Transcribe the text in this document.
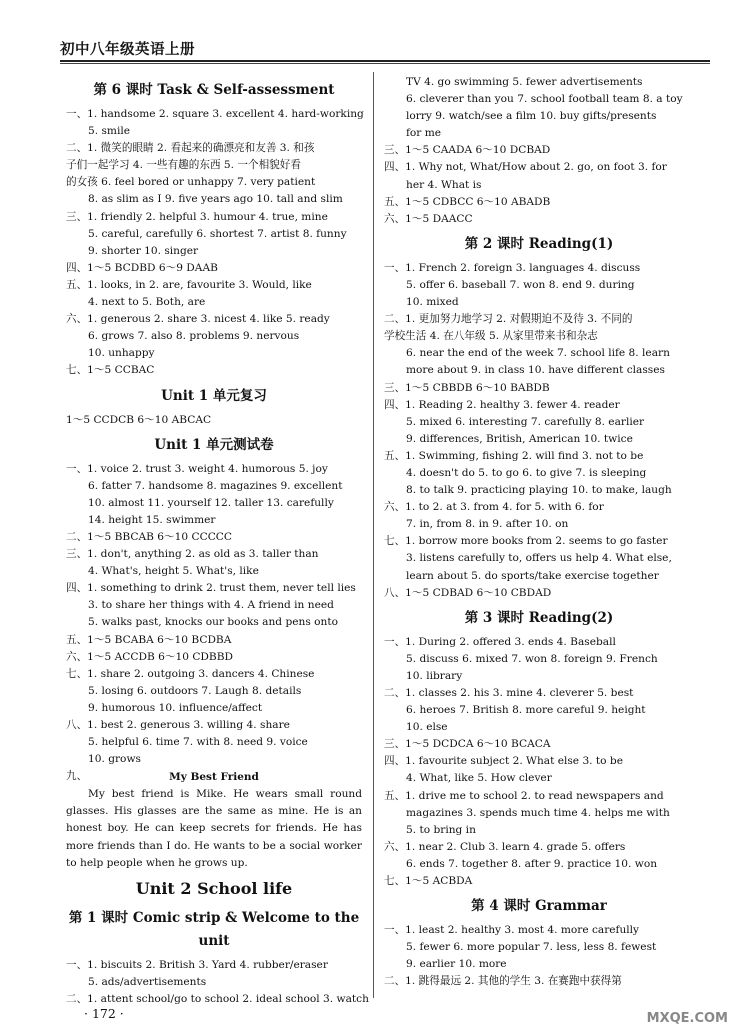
初中八年级英语上册
第 6 课时 Task & Self-assessment
一、1. handsome 2. square 3. excellent 4. hard-working
5. smile
二、1. 微笑的眼睛 2. 看起来的确漂亮和友善 3. 和孩
子们一起学习 4. 一些有趣的东西 5. 一个相貌好看
的女孩 6. feel bored or unhappy 7. very patient
8. as slim as I 9. five years ago 10. tall and slim
三、1. friendly 2. helpful 3. humour 4. true, mine
5. careful, carefully 6. shortest 7. artist 8. funny
9. shorter 10. singer
四、1～5 BCDBD 6～9 DAAB
五、1. looks, in 2. are, favourite 3. Would, like
4. next to 5. Both, are
六、1. generous 2. share 3. nicest 4. like 5. ready
6. grows 7. also 8. problems 9. nervous
10. unhappy
七、1～5 CCBAC
Unit 1 单元复习
1～5 CCDCB 6～10 ABCAC
Unit 1 单元测试卷
一、1. voice 2. trust 3. weight 4. humorous 5. joy
6. fatter 7. handsome 8. magazines 9. excellent
10. almost 11. yourself 12. taller 13. carefully
14. height 15. swimmer
二、1～5 BBCAB 6～10 CCCCC
三、1. don't, anything 2. as old as 3. taller than
4. What's, height 5. What's, like
四、1. something to drink 2. trust them, never tell lies
3. to share her things with 4. A friend in need
5. walks past, knocks our books and pens onto
五、1～5 BCABA 6～10 BCDBA
六、1～5 ACCDB 6～10 CDBBD
七、1. share 2. outgoing 3. dancers 4. Chinese
5. losing 6. outdoors 7. Laugh 8. details
9. humorous 10. influence/affect
八、1. best 2. generous 3. willing 4. share
5. helpful 6. time 7. with 8. need 9. voice
10. grows
九、	My Best Friend
My best friend is Mike. He wears small round glasses. His glasses are the same as mine. He is an honest boy. He can keep secrets for friends. He has more friends than I do. He wants to be a social worker to help people when he grows up.
Unit 2 School life
第 1 课时 Comic strip & Welcome to the unit
一、1. biscuits 2. British 3. Yard 4. rubber/eraser
5. ads/advertisements
二、1. attent school/go to school 2. ideal school 3. watch
TV 4. go swimming 5. fewer advertisements
6. cleverer than you 7. school football team 8. a toy
lorry 9. watch/see a film 10. buy gifts/presents
for me
三、1～5 CAADA 6～10 DCBAD
四、1. Why not, What/How about 2. go, on foot 3. for
her 4. What is
五、1～5 CDBCC 6～10 ABADB
六、1～5 DAACC
第 2 课时 Reading(1)
一、1. French 2. foreign 3. languages 4. discuss
5. offer 6. baseball 7. won 8. end 9. during
10. mixed
二、1. 更加努力地学习 2. 对假期迫不及待 3. 不同的
学校生活 4. 在八年级 5. 从家里带来书和杂志
6. near the end of the week 7. school life 8. learn
more about 9. in class 10. have different classes
三、1～5 CBBDB 6～10 BABDB
四、1. Reading 2. healthy 3. fewer 4. reader
5. mixed 6. interesting 7. carefully 8. earlier
9. differences, British, American 10. twice
五、1. Swimming, fishing 2. will find 3. not to be
4. doesn't do 5. to go 6. to give 7. is sleeping
8. to talk 9. practicing playing 10. to make, laugh
六、1. to 2. at 3. from 4. for 5. with 6. for
7. in, from 8. in 9. after 10. on
七、1. borrow more books from 2. seems to go faster
3. listens carefully to, offers us help 4. What else,
learn about 5. do sports/take exercise together
八、1～5 CDBAD 6～10 CBDAD
第 3 课时 Reading(2)
一、1. During 2. offered 3. ends 4. Baseball
5. discuss 6. mixed 7. won 8. foreign 9. French
10. library
二、1. classes 2. his 3. mine 4. cleverer 5. best
6. heroes 7. British 8. more careful 9. height
10. else
三、1～5 DCDCA 6～10 BCACA
四、1. favourite subject 2. What else 3. to be
4. What, like 5. How clever
五、1. drive me to school 2. to read newspapers and
magazines 3. spends much time 4. helps me with
5. to bring in
六、1. near 2. Club 3. learn 4. grade 5. offers
6. ends 7. together 8. after 9. practice 10. won
七、1～5 ACBDA
第 4 课时 Grammar
一、1. least 2. healthy 3. most 4. more carefully
5. fewer 6. more popular 7. less, less 8. fewest
9. earlier 10. more
二、1. 跳得最远 2. 其他的学生 3. 在赛跑中获得第
· 172 ·	MXQE.COM
